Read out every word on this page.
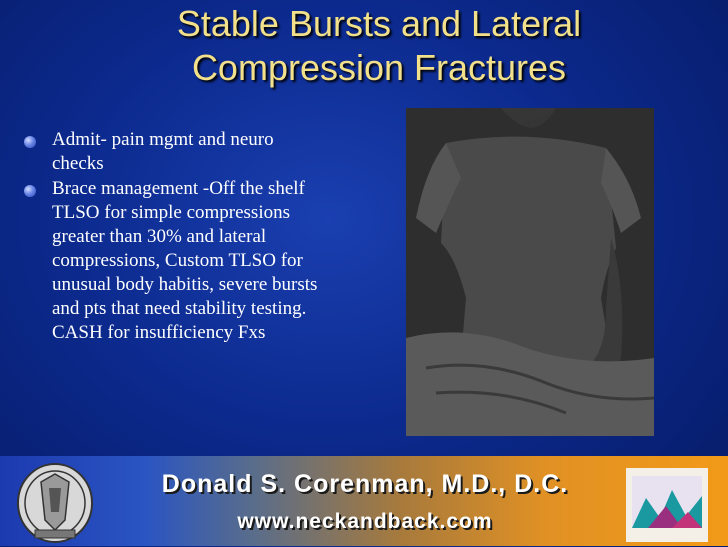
Stable Bursts and Lateral
Compression Fractures
Admit- pain mgmt and neuro checks
Brace management -Off the shelf TLSO for simple compressions greater than 30% and lateral compressions, Custom TLSO for unusual body habitis, severe bursts and pts that need stability testing. CASH for insufficiency Fxs
Donald S. Corenman, M.D., D.C.
www.neckandback.com
